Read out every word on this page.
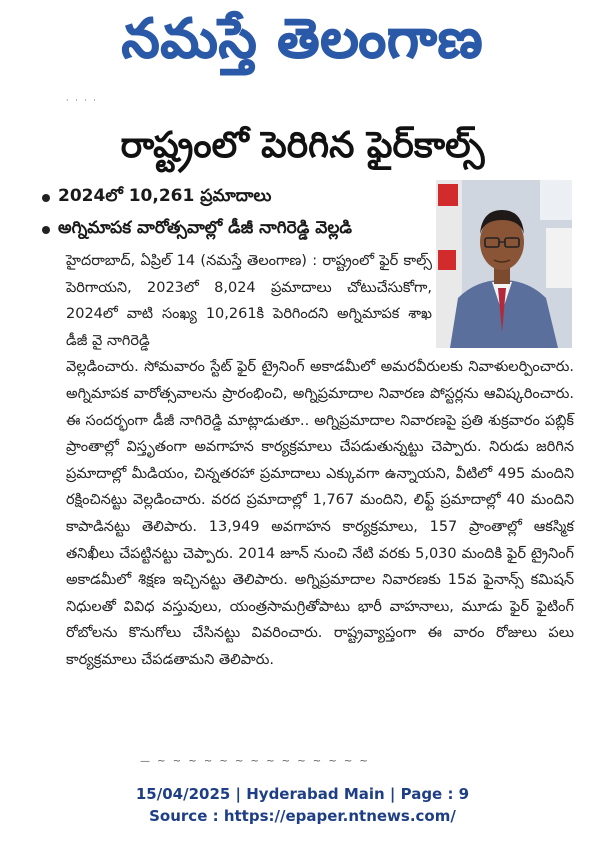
నమస్తే తెలంగాణ
· · · ·
రాష్ట్రంలో పెరిగిన ఫైర్‌కాల్స్‌
2024లో 10,261 ప్రమాదాలు
అగ్నిమాపక వారోత్సవాల్లో డీజీ నాగిరెడ్డి వెల్లడి
హైదరాబాద్‌, ఏప్రిల్‌ 14 (నమస్తే తెలంగాణ) : రాష్ట్రంలో ఫైర్‌ కాల్స్‌ పెరిగాయని, 2023లో 8,024 ప్రమాదాలు చోటుచేసుకోగా, 2024లో వాటి సంఖ్య 10,261కి పెరిగిందని అగ్నిమాపక శాఖ డీజీ వై నాగిరెడ్డి
వెల్లడించారు. సోమవారం స్టేట్‌ ఫైర్‌ ట్రైనింగ్‌ అకాడమీలో అమరవీరులకు నివాళులర్పించారు. అగ్నిమాపక వారోత్సవాలను ప్రారంభించి, అగ్నిప్రమాదాల నివారణ పోస్టర్లను ఆవిష్కరించారు. ఈ సందర్భంగా డీజీ నాగిరెడ్డి మాట్లాడుతూ.. అగ్నిప్రమాదాల నివారణపై ప్రతి శుక్రవారం పబ్లిక్‌ ప్రాంతాల్లో విస్తృతంగా అవగాహన కార్యక్రమాలు చేపడుతున్నట్టు చెప్పారు. నిరుడు జరిగిన ప్రమాదాల్లో మీడియం, చిన్నతరహా ప్రమాదాలు ఎక్కువగా ఉన్నాయని, వీటిలో 495 మందిని రక్షించినట్టు వెల్లడించారు. వరద ప్రమాదాల్లో 1,767 మందిని, లిఫ్ట్‌ ప్రమాదాల్లో 40 మందిని కాపాడినట్టు తెలిపారు. 13,949 అవగాహన కార్యక్రమాలు, 157 ప్రాంతాల్లో ఆకస్మిక తనిఖీలు చేపట్టినట్టు చెప్పారు. 2014 జూన్‌ నుంచి నేటి వరకు 5,030 మందికి ఫైర్‌ ట్రైనింగ్‌ అకాడమీలో శిక్షణ ఇచ్చినట్టు తెలిపారు. అగ్నిప్రమాదాల నివారణకు 15వ ఫైనాన్స్‌ కమిషన్‌ నిధులతో వివిధ వస్తువులు, యంత్రసామగ్రితోపాటు భారీ వాహనాలు, మూడు ఫైర్‌ ఫైటింగ్‌ రోబోలను కొనుగోలు చేసినట్టు వివరించారు. రాష్ట్రవ్యాప్తంగా ఈ వారం రోజులు పలు కార్యక్రమాలు చేపడతామని తెలిపారు.
— ~ ~ ~ ~ ~ ~ ~ ~ ~ ~ ~ ~ ~ ~
15/04/2025 | Hyderabad Main | Page : 9
Source : https://epaper.ntnews.com/
